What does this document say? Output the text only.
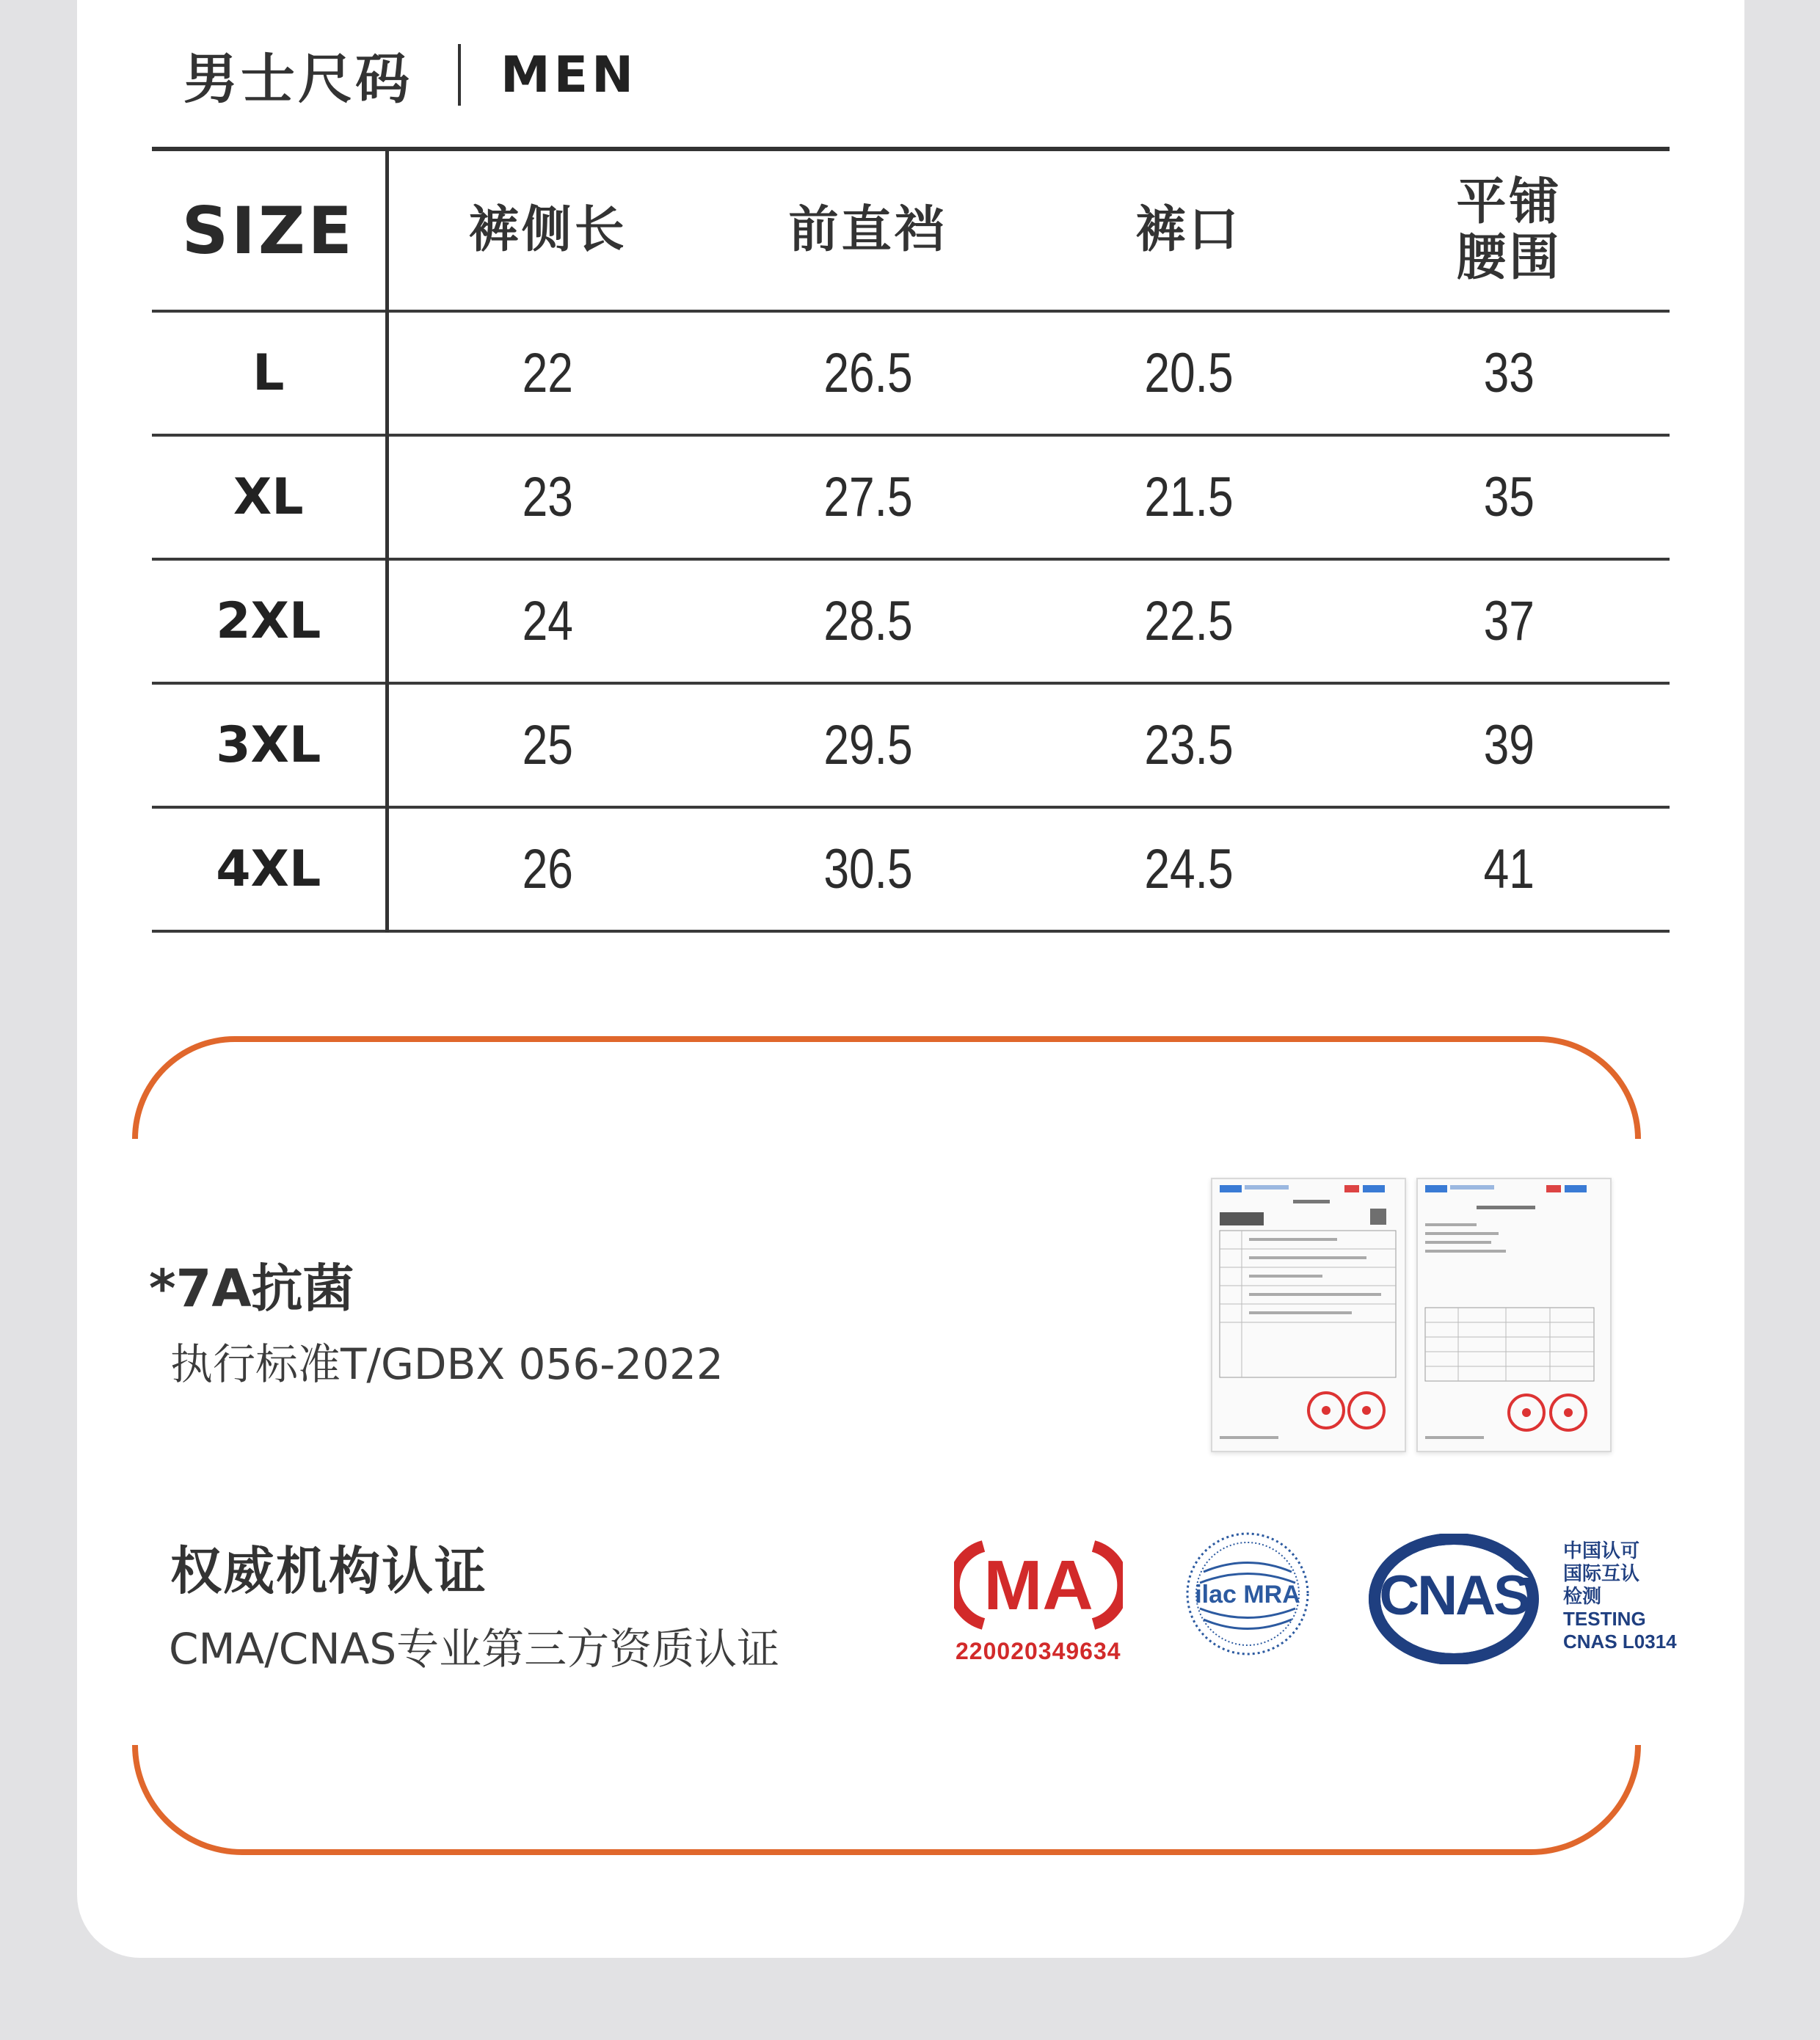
男士尺码 MEN
SIZE	裤侧长	前直裆	裤口	平铺腰围
L	22	26.5	20.5	33
XL	23	27.5	21.5	35
2XL	24	28.5	22.5	37
3XL	25	29.5	23.5	39
4XL	26	30.5	24.5	41
*7A抗菌
执行标准T/GDBX 056-2022
权威机构认证
CMA/CNAS专业第三方资质认证
MA
220020349634
ilac MRA CNAS
中国认可
国际互认
检测
TESTING
CNAS L0314
